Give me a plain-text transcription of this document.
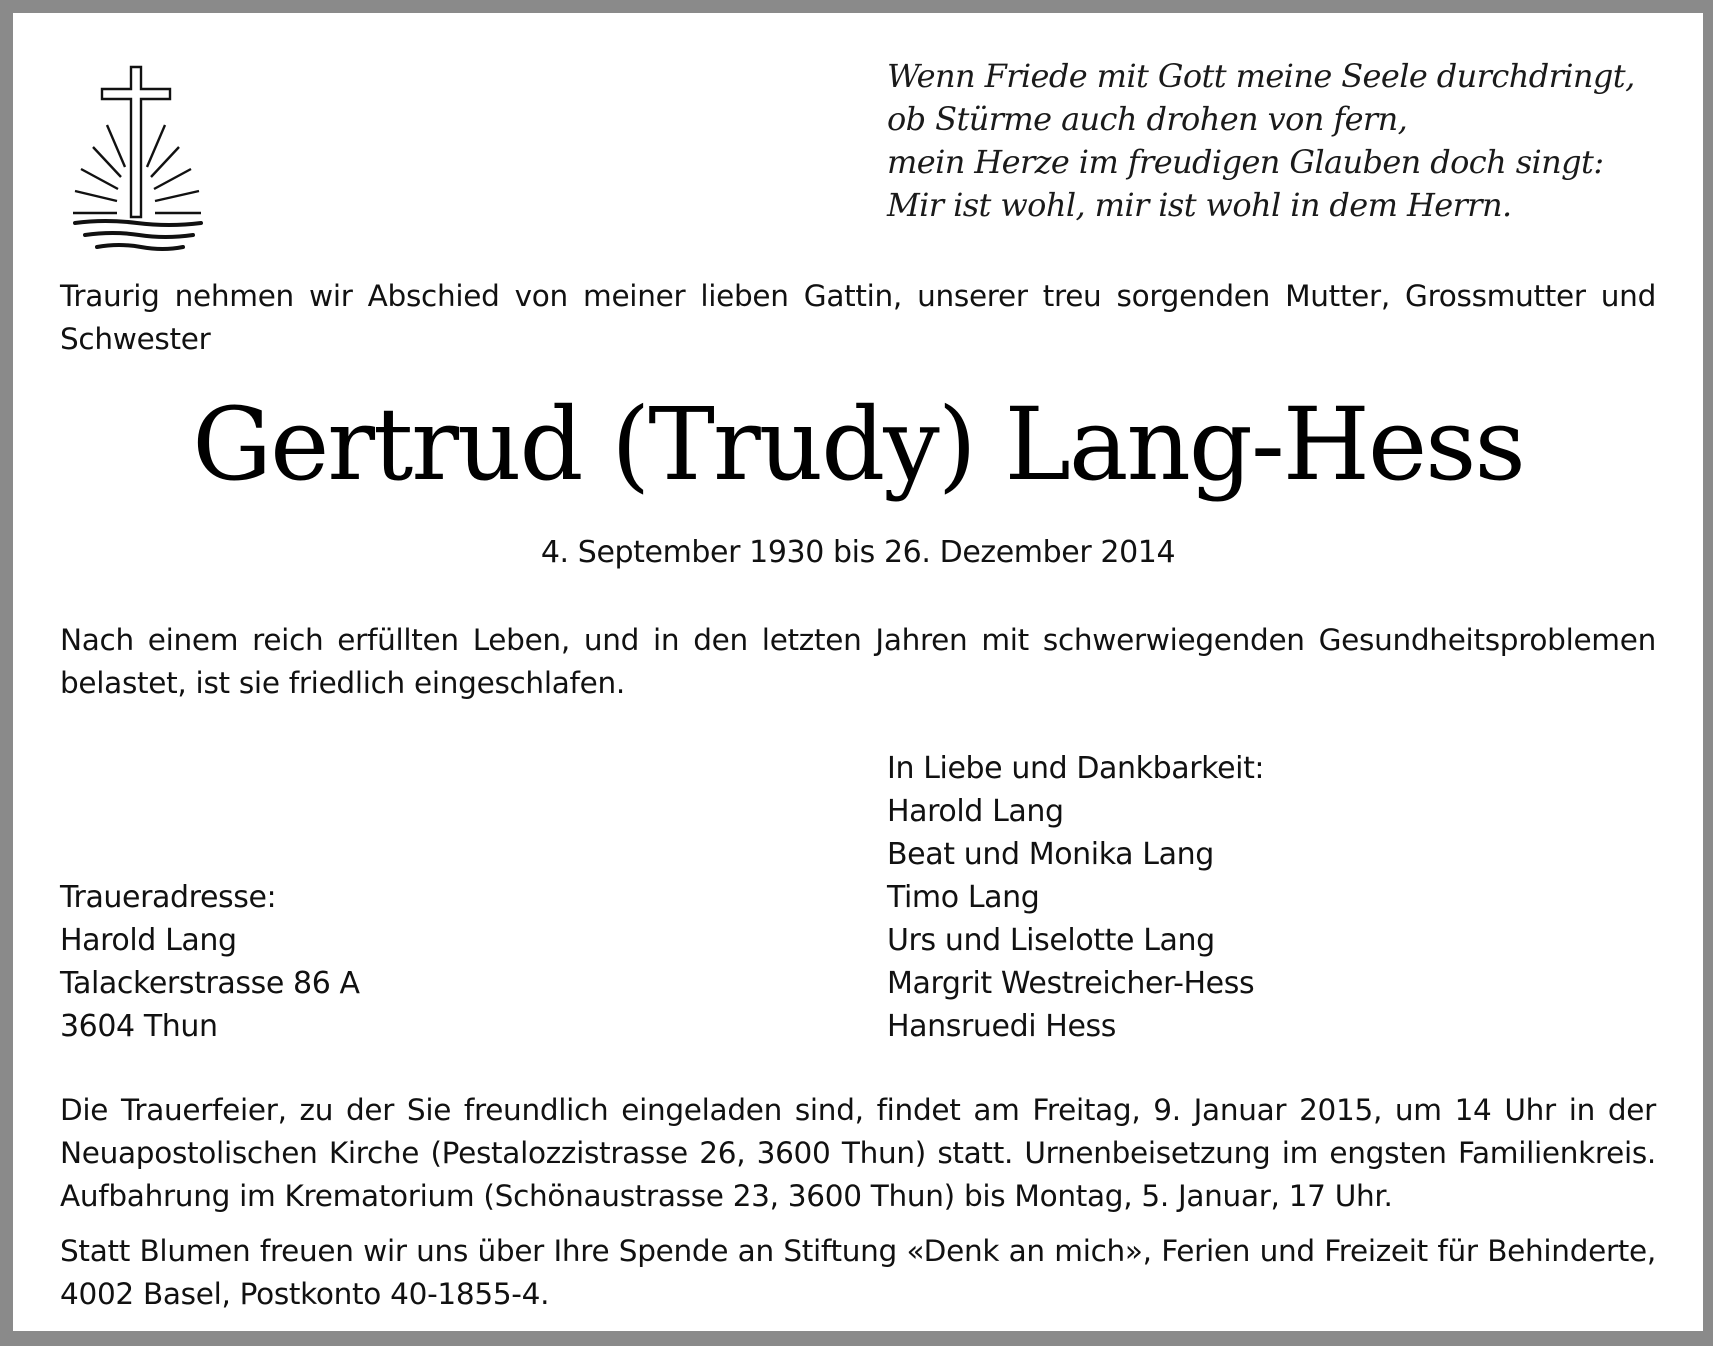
Wenn Friede mit Gott meine Seele durchdringt,
ob Stürme auch drohen von fern,
mein Herze im freudigen Glauben doch singt:
Mir ist wohl, mir ist wohl in dem Herrn.
Traurig nehmen wir Abschied von meiner lieben Gattin, unserer treu sorgenden Mutter, Grossmutter und Schwester
Gertrud (Trudy) Lang-Hess
4. September 1930 bis 26. Dezember 2014
Nach einem reich erfüllten Leben, und in den letzten Jahren mit schwerwiegenden Gesundheitsproblemen belastet, ist sie friedlich eingeschlafen.
In Liebe und Dankbarkeit:
Harold Lang
Beat und Monika Lang
Timo Lang
Urs und Liselotte Lang
Margrit Westreicher-Hess
Hansruedi Hess
Traueradresse:
Harold Lang
Talackerstrasse 86 A
3604 Thun
Die Trauerfeier, zu der Sie freundlich eingeladen sind, findet am Freitag, 9. Januar 2015, um 14 Uhr in der Neuapostolischen Kirche (Pestalozzistrasse 26, 3600 Thun) statt. Urnenbeisetzung im engsten Familienkreis. Aufbahrung im Krematorium (Schönaustrasse 23, 3600 Thun) bis Montag, 5. Januar, 17 Uhr.
Statt Blumen freuen wir uns über Ihre Spende an Stiftung «Denk an mich», Ferien und Freizeit für Behinderte, 4002 Basel, Postkonto 40-1855-4.
